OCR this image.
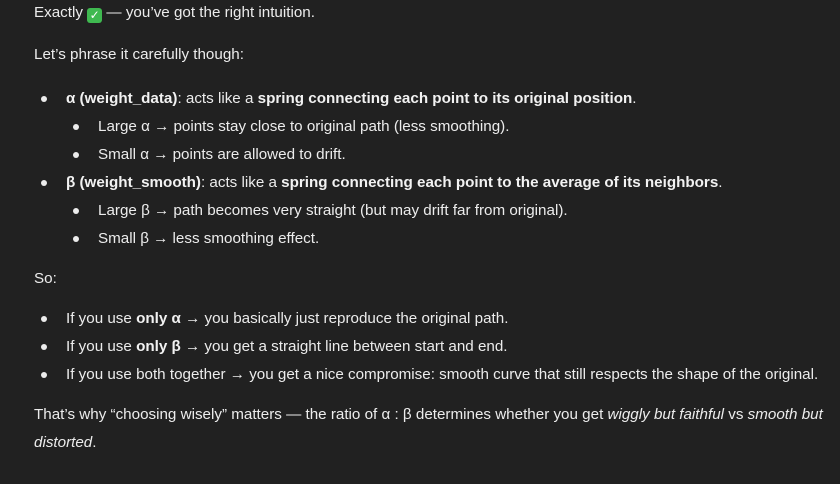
Exactly ✓ — you’ve got the right intuition.

Let’s phrase it carefully though:

α (weight_data): acts like a spring connecting each point to its original position.
Large α → points stay close to original path (less smoothing).
Small α → points are allowed to drift.
β (weight_smooth): acts like a spring connecting each point to the average of its neighbors.
Large β → path becomes very straight (but may drift far from original).
Small β → less smoothing effect.

So:

If you use only α → you basically just reproduce the original path.
If you use only β → you get a straight line between start and end.
If you use both together → you get a nice compromise: smooth curve that still respects the shape of the original.

That’s why “choosing wisely” matters — the ratio of α : β determines whether you get wiggly but faithful vs smooth but distorted.
